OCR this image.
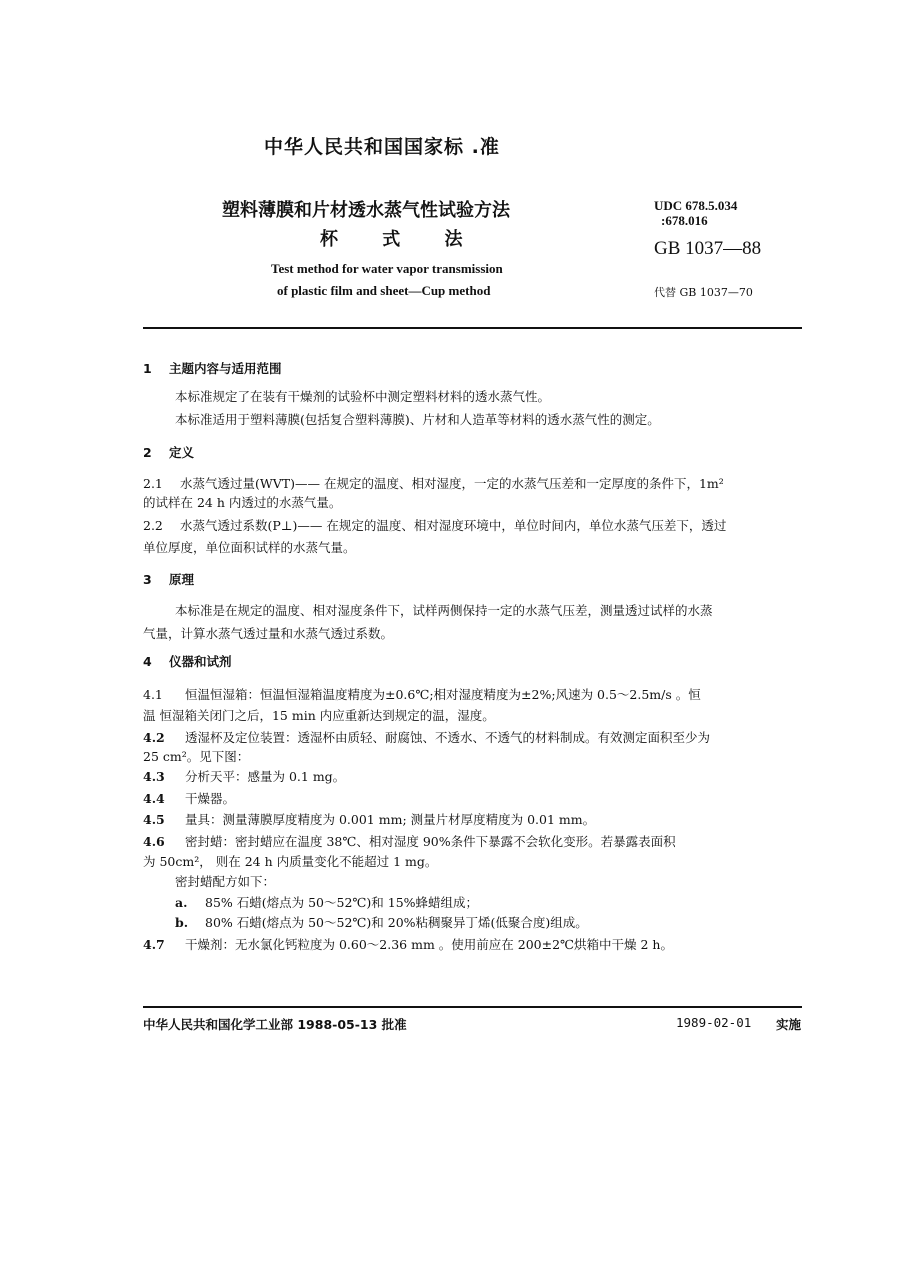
中华人民共和国国家标 .准
塑料薄膜和片材透水蒸气性试验方法
杯 式 法
Test method for water vapor transmission
of plastic film and sheet—Cup method
UDC 678.5.034
:678.016
GB 1037—88
代替 GB 1037—70
1 主题内容与适用范围
本标准规定了在装有干燥剂的试验杯中测定塑料材料的透水蒸气性。
本标准适用于塑料薄膜(包括复合塑料薄膜)、片材和人造革等材料的透水蒸气性的测定。
2 定义
2.1 水蒸气透过量(WVT)—— 在规定的温度、相对湿度，一定的水蒸气压差和一定厚度的条件下，1m²
的试样在 24 h 内透过的水蒸气量。
2.2 水蒸气透过系数(P⊥)—— 在规定的温度、相对湿度环境中，单位时间内，单位水蒸气压差下，透过
单位厚度，单位面积试样的水蒸气量。
3 原理
本标准是在规定的温度、相对湿度条件下，试样两侧保持一定的水蒸气压差，测量透过试样的水蒸
气量，计算水蒸气透过量和水蒸气透过系数。
4 仪器和试剂
4.1 恒温恒湿箱：恒温恒湿箱温度精度为±0.6℃;相对湿度精度为±2%;风速为 0.5～2.5m/s 。恒
温 恒湿箱关闭门之后，15 min 内应重新达到规定的温，湿度。
4.2 透湿杯及定位装置：透湿杯由质轻、耐腐蚀、不透水、不透气的材料制成。有效测定面积至少为
25 cm²。见下图：
4.3 分析天平：感量为 0.1 mg。
4.4 干燥器。
4.5 量具：测量薄膜厚度精度为 0.001 mm; 测量片材厚度精度为 0.01 mm。
4.6 密封蜡：密封蜡应在温度 38℃、相对湿度 90%条件下暴露不会软化变形。若暴露表面积
为 50cm²， 则在 24 h 内质量变化不能超过 1 mg。
密封蜡配方如下：
a. 85% 石蜡(熔点为 50～52℃)和 15%蜂蜡组成；
b. 80% 石蜡(熔点为 50～52℃)和 20%粘稠聚异丁烯(低聚合度)组成。
4.7 干燥剂：无水氯化钙粒度为 0.60～2.36 mm 。使用前应在 200±2℃烘箱中干燥 2 h。
中华人民共和国化学工业部 1988-05-13 批准	1989-02-01 实施
